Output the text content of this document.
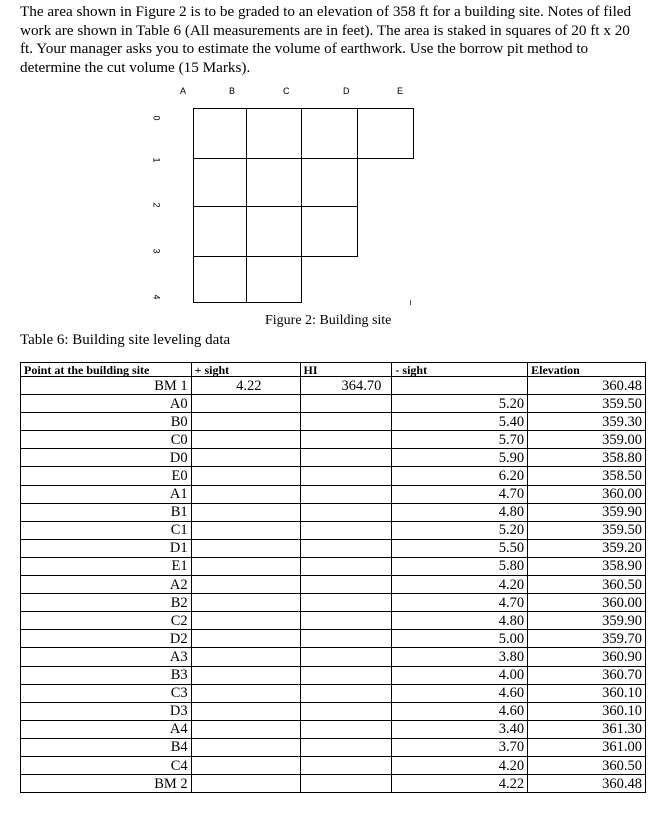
The area shown in Figure 2 is to be graded to an elevation of 358 ft for a building site. Notes of filed work are shown in Table 6 (All measurements are in feet). The area is staked in squares of 20 ft x 20 ft. Your manager asks you to estimate the volume of earthwork. Use the borrow pit method to determine the cut volume (15 Marks).

A	B	C	D	E
0
1
2
3
4
Figure 2: Building site
Table 6: Building site leveling data
Point at the building site	+ sight	HI	- sight	Elevation
BM 1	4.22	364.70		360.48
A0			5.20	359.50
B0			5.40	359.30
C0			5.70	359.00
D0			5.90	358.80
E0			6.20	358.50
A1			4.70	360.00
B1			4.80	359.90
C1			5.20	359.50
D1			5.50	359.20
E1			5.80	358.90
A2			4.20	360.50
B2			4.70	360.00
C2			4.80	359.90
D2			5.00	359.70
A3			3.80	360.90
B3			4.00	360.70
C3			4.60	360.10
D3			4.60	360.10
A4			3.40	361.30
B4			3.70	361.00
C4			4.20	360.50
BM 2			4.22	360.48
